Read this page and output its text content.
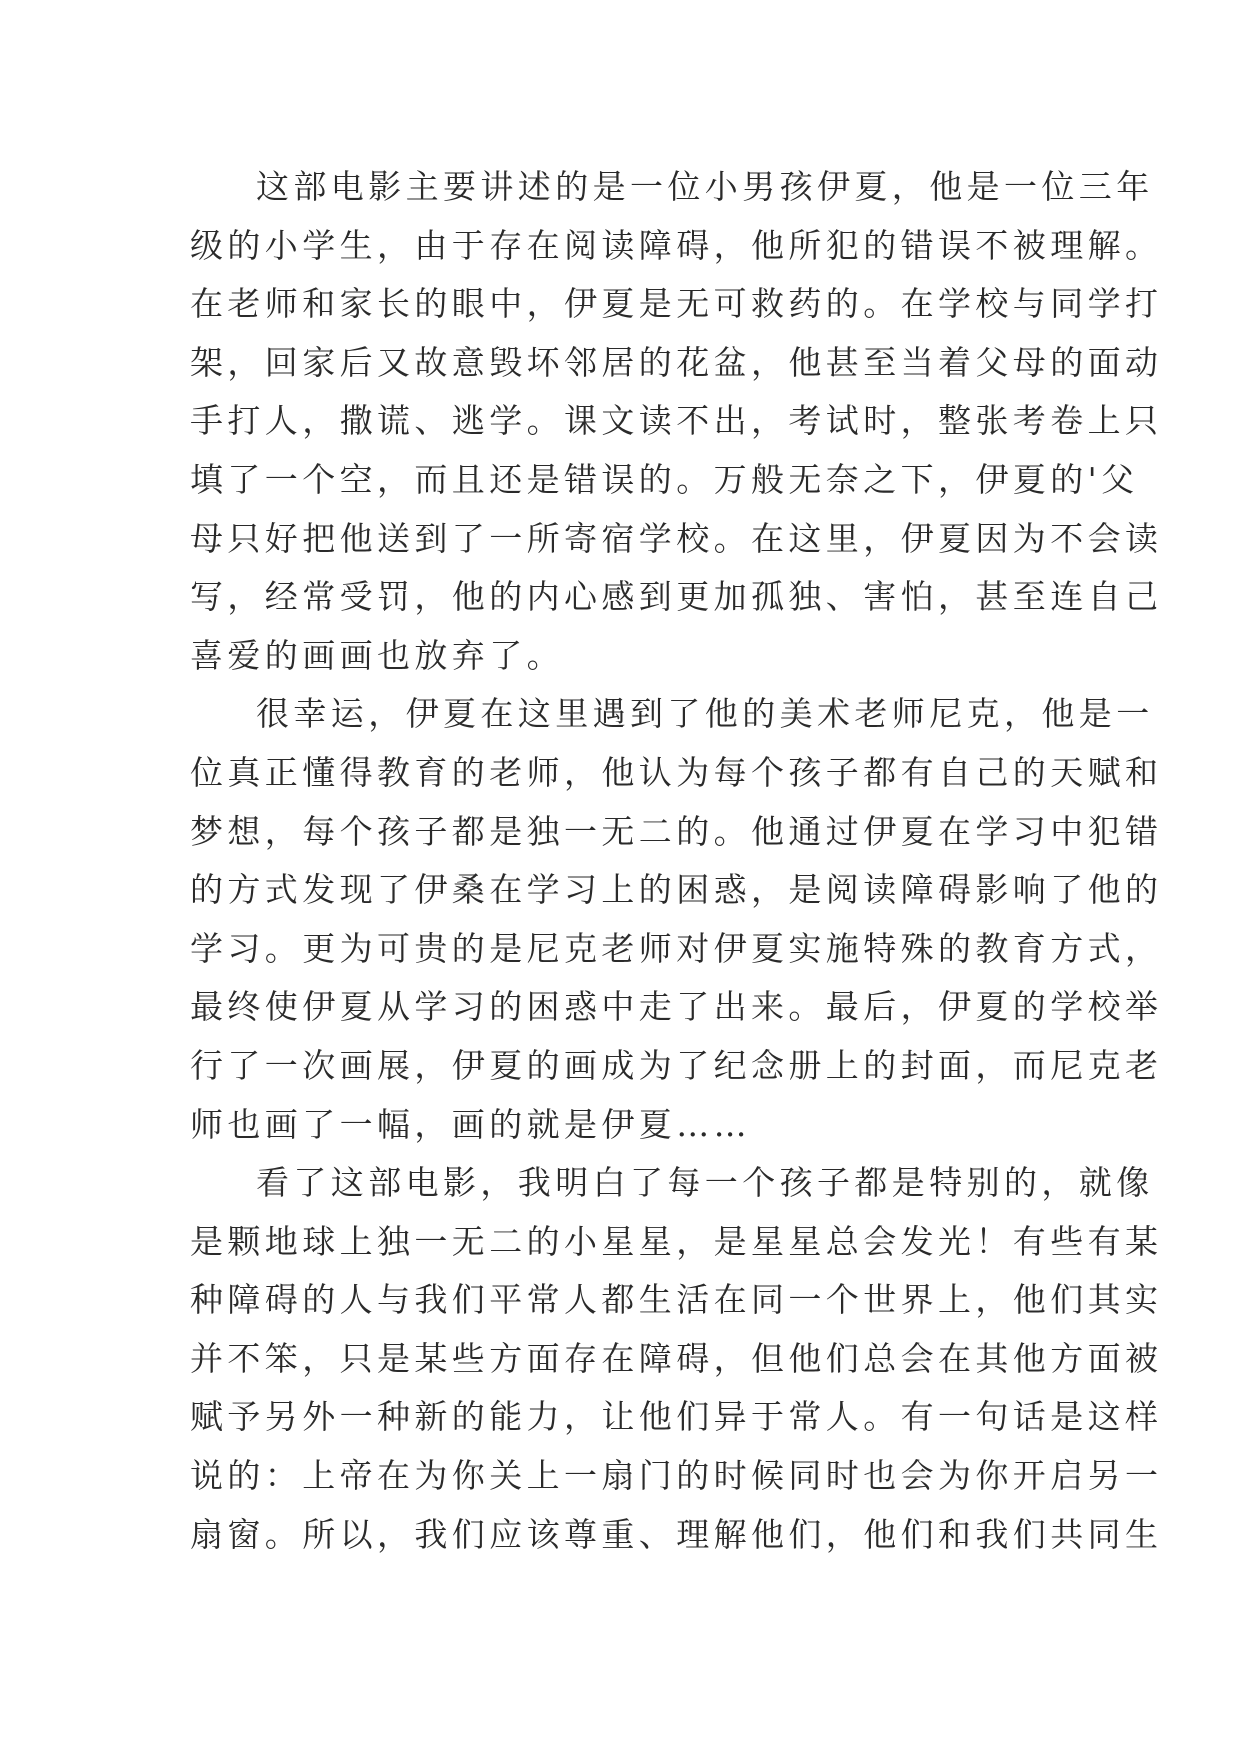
这部电影主要讲述的是一位小男孩伊夏，他是一位三年
级的小学生，由于存在阅读障碍，他所犯的错误不被理解。
在老师和家长的眼中，伊夏是无可救药的。在学校与同学打
架，回家后又故意毁坏邻居的花盆，他甚至当着父母的面动
手打人，撒谎、逃学。课文读不出，考试时，整张考卷上只
填了一个空，而且还是错误的。万般无奈之下，伊夏的'父
母只好把他送到了一所寄宿学校。在这里，伊夏因为不会读
写，经常受罚，他的内心感到更加孤独、害怕，甚至连自己
喜爱的画画也放弃了。
很幸运，伊夏在这里遇到了他的美术老师尼克，他是一
位真正懂得教育的老师，他认为每个孩子都有自己的天赋和
梦想，每个孩子都是独一无二的。他通过伊夏在学习中犯错
的方式发现了伊桑在学习上的困惑，是阅读障碍影响了他的
学习。更为可贵的是尼克老师对伊夏实施特殊的教育方式，
最终使伊夏从学习的困惑中走了出来。最后，伊夏的学校举
行了一次画展，伊夏的画成为了纪念册上的封面，而尼克老
师也画了一幅，画的就是伊夏……
看了这部电影，我明白了每一个孩子都是特别的，就像
是颗地球上独一无二的小星星，是星星总会发光！有些有某
种障碍的人与我们平常人都生活在同一个世界上，他们其实
并不笨，只是某些方面存在障碍，但他们总会在其他方面被
赋予另外一种新的能力，让他们异于常人。有一句话是这样
说的：上帝在为你关上一扇门的时候同时也会为你开启另一
扇窗。所以，我们应该尊重、理解他们，他们和我们共同生
